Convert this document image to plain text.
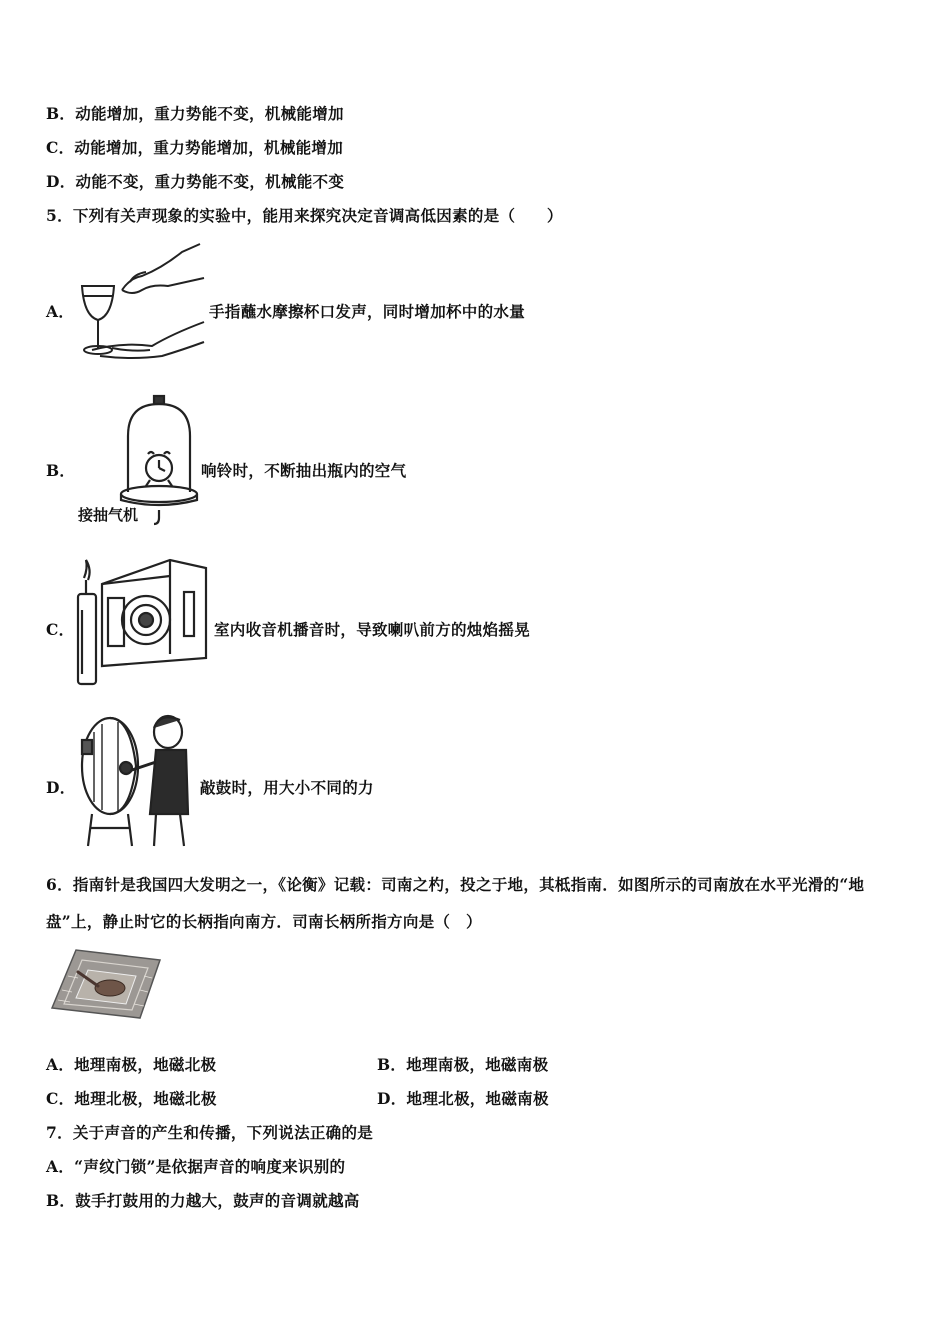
B．动能增加，重力势能不变，机械能增加
C．动能增加，重力势能增加，机械能增加
D．动能不变，重力势能不变，机械能不变
5．下列有关声现象的实验中，能用来探究决定音调高低因素的是（　　）
A．	手指蘸水摩擦杯口发声，同时增加杯中的水量
B．
接抽气机
响铃时，不断抽出瓶内的空气
C．	室内收音机播音时，导致喇叭前方的烛焰摇晃
D．	敲鼓时，用大小不同的力
6．指南针是我国四大发明之一，《论衡》记载：司南之杓，投之于地，其柢指南．如图所示的司南放在水平光滑的“地
盘”上，静止时它的长柄指向南方．司南长柄所指方向是（　）
A．地理南极，地磁北极	B．地理南极，地磁南极
C．地理北极，地磁北极	D．地理北极，地磁南极
7．关于声音的产生和传播，下列说法正确的是
A．“声纹门锁”是依据声音的响度来识别的
B．鼓手打鼓用的力越大，鼓声的音调就越高
